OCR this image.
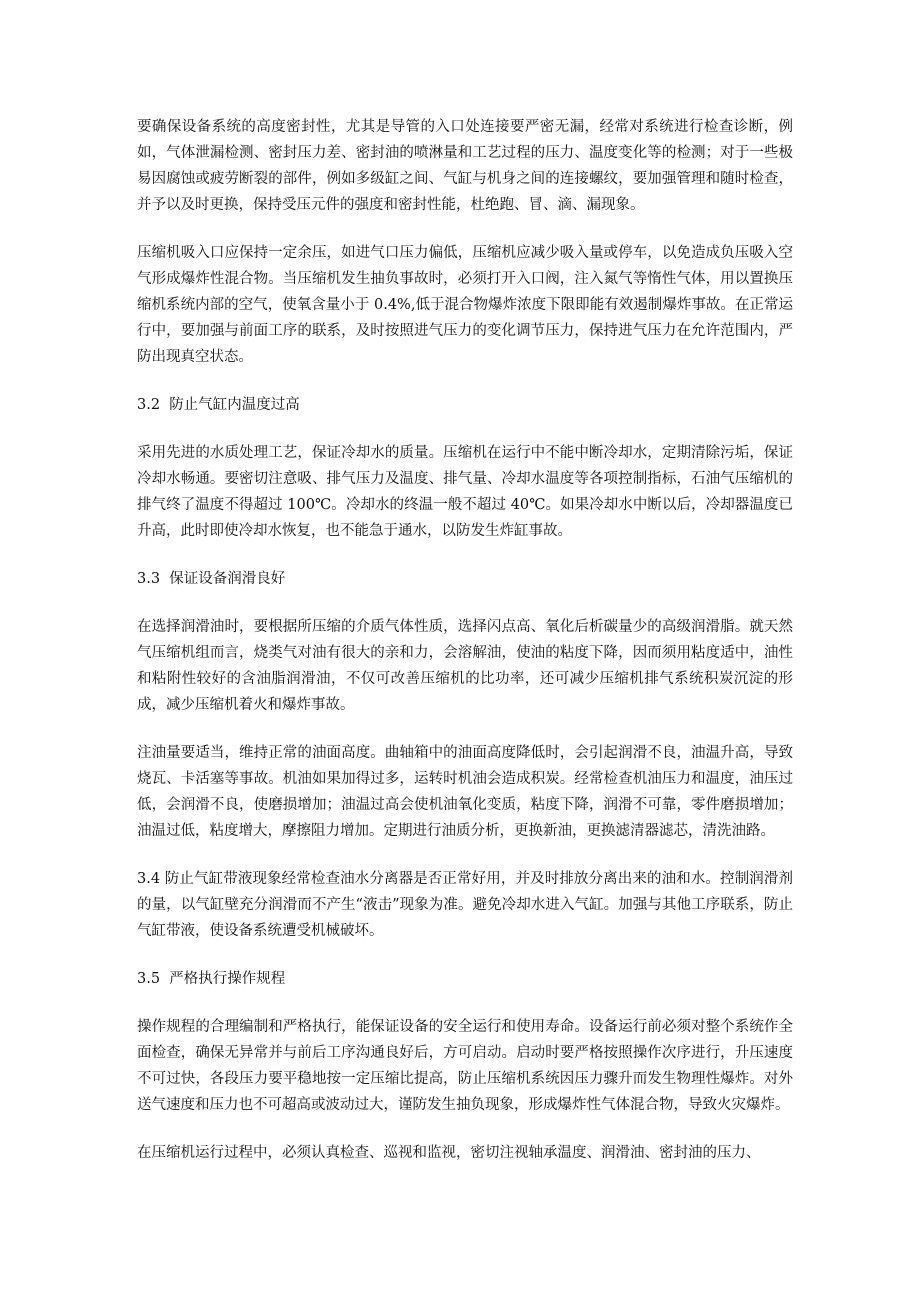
要确保设备系统的高度密封性，尤其是导管的入口处连接要严密无漏，经常对系统进行检查诊断，例如，气体泄漏检测、密封压力差、密封油的喷淋量和工艺过程的压力、温度变化等的检测；对于一些极易因腐蚀或疲劳断裂的部件，例如多级缸之间、气缸与机身之间的连接螺纹，要加强管理和随时检查，并予以及时更换，保持受压元件的强度和密封性能，杜绝跑、冒、滴、漏现象。

压缩机吸入口应保持一定余压，如进气口压力偏低，压缩机应减少吸入量或停车，以免造成负压吸入空气形成爆炸性混合物。当压缩机发生抽负事故时，必须打开入口阀，注入氮气等惰性气体，用以置换压缩机系统内部的空气，使氧含量小于 0.4%,低于混合物爆炸浓度下限即能有效遏制爆炸事故。在正常运行中，要加强与前面工序的联系，及时按照进气压力的变化调节压力，保持进气压力在允许范围内，严防出现真空状态。

3.2  防止气缸内温度过高

采用先进的水质处理工艺，保证冷却水的质量。压缩机在运行中不能中断冷却水，定期清除污垢，保证冷却水畅通。要密切注意吸、排气压力及温度、排气量、冷却水温度等各项控制指标，石油气压缩机的排气终了温度不得超过 100℃。冷却水的终温一般不超过 40℃。如果冷却水中断以后，冷却器温度已升高，此时即使冷却水恢复，也不能急于通水，以防发生炸缸事故。

3.3  保证设备润滑良好

在选择润滑油时，要根据所压缩的介质气体性质，选择闪点高、氧化后析碳量少的高级润滑脂。就天然气压缩机组而言，烧类气对油有很大的亲和力，会溶解油，使油的粘度下降，因而须用粘度适中，油性和粘附性较好的含油脂润滑油，不仅可改善压缩机的比功率，还可减少压缩机排气系统积炭沉淀的形成，减少压缩机着火和爆炸事故。

注油量要适当，维持正常的油面高度。曲轴箱中的油面高度降低时，会引起润滑不良，油温升高，导致烧瓦、卡活塞等事故。机油如果加得过多，运转时机油会造成积炭。经常检查机油压力和温度，油压过低，会润滑不良，使磨损增加；油温过高会使机油氧化变质，粘度下降，润滑不可靠，零件磨损增加；油温过低，粘度增大，摩擦阻力增加。定期进行油质分析，更换新油，更换滤清器滤芯，清洗油路。

3.4 防止气缸带液现象经常检查油水分离器是否正常好用，并及时排放分离出来的油和水。控制润滑剂的量，以气缸壁充分润滑而不产生“液击”现象为准。避免冷却水进入气缸。加强与其他工序联系，防止气缸带液，使设备系统遭受机械破坏。

3.5  严格执行操作规程

操作规程的合理编制和严格执行，能保证设备的安全运行和使用寿命。设备运行前必须对整个系统作全面检查，确保无异常并与前后工序沟通良好后，方可启动。启动时要严格按照操作次序进行，升压速度不可过快，各段压力要平稳地按一定压缩比提高，防止压缩机系统因压力骤升而发生物理性爆炸。对外送气速度和压力也不可超高或波动过大，谨防发生抽负现象，形成爆炸性气体混合物，导致火灾爆炸。

在压缩机运行过程中，必须认真检查、巡视和监视，密切注视轴承温度、润滑油、密封油的压力、
